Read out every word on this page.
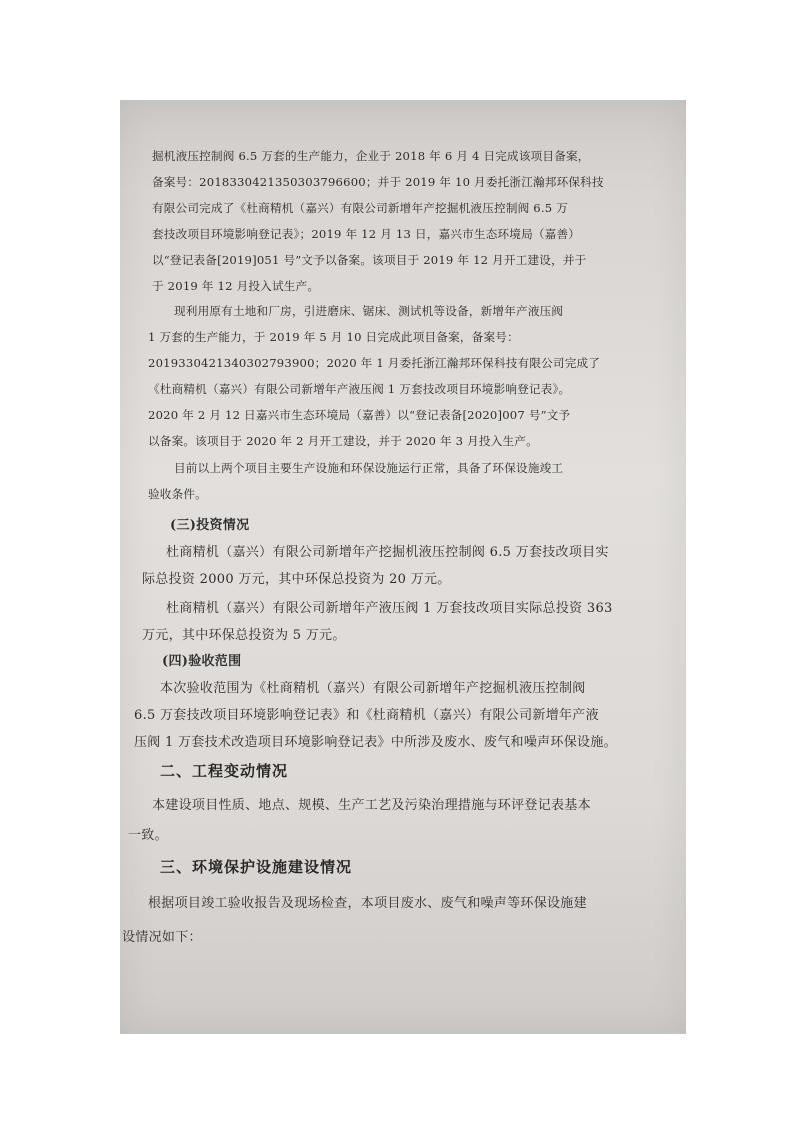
掘机液压控制阀 6.5 万套的生产能力，企业于 2018 年 6 月 4 日完成该项目备案，
备案号：2018330421350303796600；并于 2019 年 10 月委托浙江瀚邦环保科技
有限公司完成了《杜商精机（嘉兴）有限公司新增年产挖掘机液压控制阀 6.5 万
套技改项目环境影响登记表》；2019 年 12 月 13 日，嘉兴市生态环境局（嘉善）
以“登记表备[2019]051 号”文予以备案。该项目于 2019 年 12 月开工建设，并于
于 2019 年 12 月投入试生产。
现利用原有土地和厂房，引进磨床、锯床、测试机等设备，新增年产液压阀
1 万套的生产能力，于 2019 年 5 月 10 日完成此项目备案，备案号：
2019330421340302793900；2020 年 1 月委托浙江瀚邦环保科技有限公司完成了
《杜商精机（嘉兴）有限公司新增年产液压阀 1 万套技改项目环境影响登记表》。
2020 年 2 月 12 日嘉兴市生态环境局（嘉善）以“登记表备[2020]007 号”文予
以备案。该项目于 2020 年 2 月开工建设，并于 2020 年 3 月投入生产。
目前以上两个项目主要生产设施和环保设施运行正常，具备了环保设施竣工
验收条件。
(三)投资情况
杜商精机（嘉兴）有限公司新增年产挖掘机液压控制阀 6.5 万套技改项目实
际总投资 2000 万元，其中环保总投资为 20 万元。
杜商精机（嘉兴）有限公司新增年产液压阀 1 万套技改项目实际总投资 363
万元，其中环保总投资为 5 万元。
(四)验收范围
本次验收范围为《杜商精机（嘉兴）有限公司新增年产挖掘机液压控制阀
6.5 万套技改项目环境影响登记表》和《杜商精机（嘉兴）有限公司新增年产液
压阀 1 万套技术改造项目环境影响登记表》中所涉及废水、废气和噪声环保设施。
二、工程变动情况
本建设项目性质、地点、规模、生产工艺及污染治理措施与环评登记表基本
一致。
三、环境保护设施建设情况
根据项目竣工验收报告及现场检查，本项目废水、废气和噪声等环保设施建
设情况如下：
